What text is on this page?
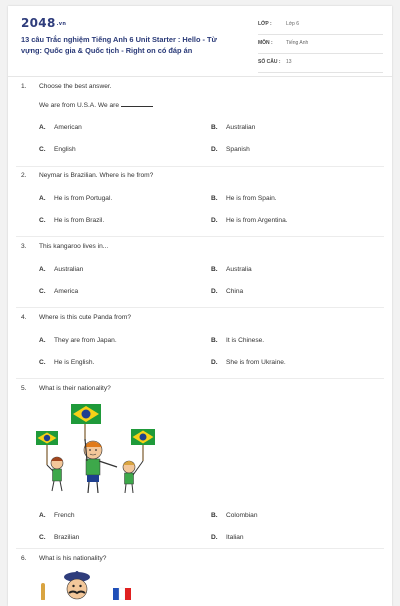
2048.vn
13 câu Trắc nghiệm Tiếng Anh 6 Unit Starter : Hello - Từ vựng: Quốc gia & Quốc tịch - Right on có đáp án
LỚP :	Lớp 6
MÔN :	Tiếng Anh
SỐ CÂU : 13
1. Choose the best answer.
We are from U.S.A. We are
A. American	B. Australian
C. English	D. Spanish
2. Neymar is Brazilian. Where is he from?
A. He is from Portugal.	B. He is from Spain.
C. He is from Brazil.	D. He is from Argentina.
3. This kangaroo lives in...
A. Australian	B. Australia
C. America	D. China
4. Where is this cute Panda from?
A. They are from Japan.	B. It is Chinese.
C. He is English.	D. She is from Ukraine.
5. What is their nationality?
A. French	B. Colombian
C. Brazilian	D. Italian
6. What is his nationality?
